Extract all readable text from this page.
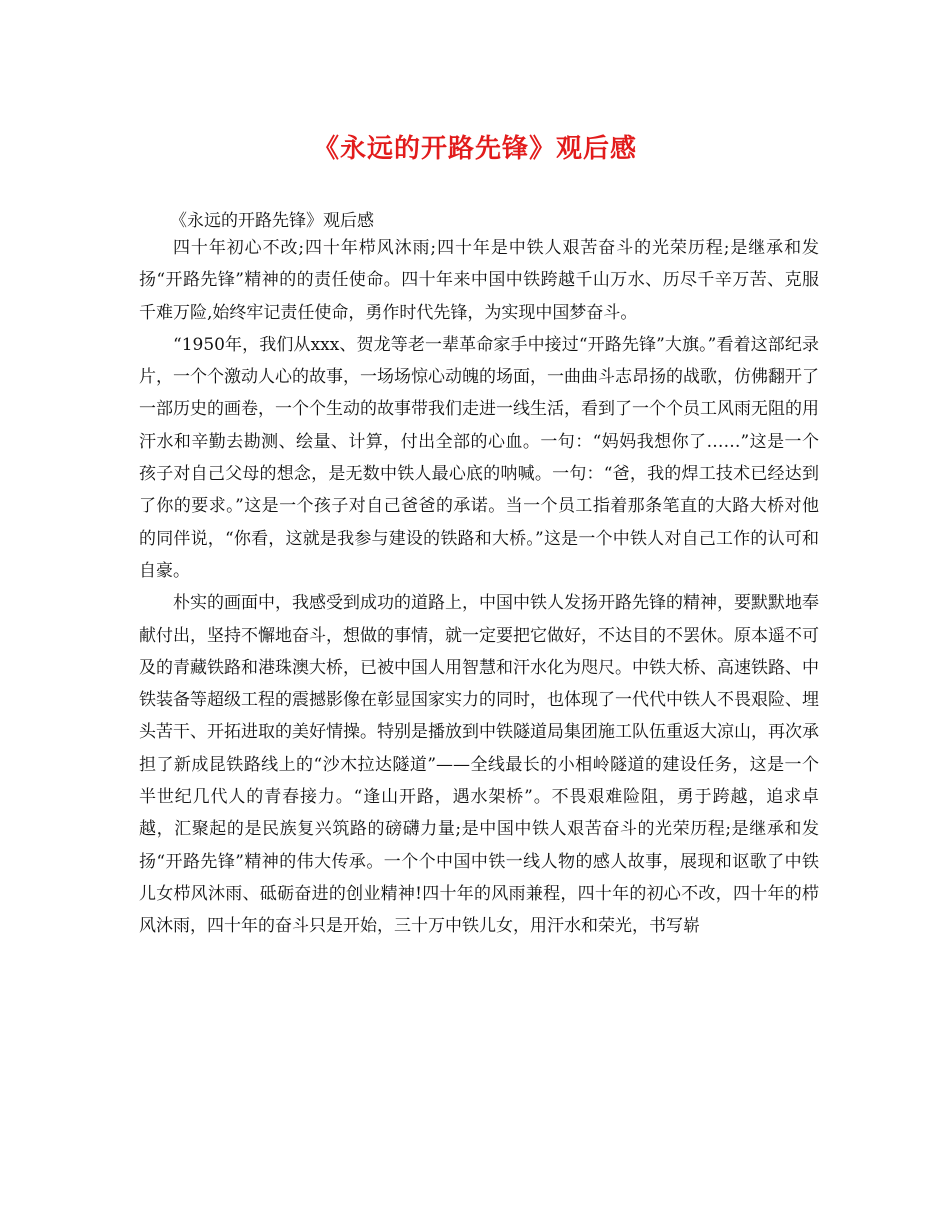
《永远的开路先锋》观后感

《永远的开路先锋》观后感

四十年初心不改;四十年栉风沐雨;四十年是中铁人艰苦奋斗的光荣历程;是继承和发扬“开路先锋”精神的的责任使命。四十年来中国中铁跨越千山万水、历尽千辛万苦、克服千难万险,始终牢记责任使命，勇作时代先锋，为实现中国梦奋斗。

“1950年，我们从xxx、贺龙等老一辈革命家手中接过“开路先锋”大旗。”看着这部纪录片，一个个激动人心的故事，一场场惊心动魄的场面，一曲曲斗志昂扬的战歌，仿佛翻开了一部历史的画卷，一个个生动的故事带我们走进一线生活，看到了一个个员工风雨无阻的用汗水和辛勤去勘测、绘量、计算，付出全部的心血。一句：“妈妈我想你了……”这是一个孩子对自己父母的想念，是无数中铁人最心底的呐喊。一句：“爸，我的焊工技术已经达到了你的要求。”这是一个孩子对自己爸爸的承诺。当一个员工指着那条笔直的大路大桥对他的同伴说，“你看，这就是我参与建设的铁路和大桥。”这是一个中铁人对自己工作的认可和自豪。

朴实的画面中，我感受到成功的道路上，中国中铁人发扬开路先锋的精神，要默默地奉献付出，坚持不懈地奋斗，想做的事情，就一定要把它做好，不达目的不罢休。原本遥不可及的青藏铁路和港珠澳大桥，已被中国人用智慧和汗水化为咫尺。中铁大桥、高速铁路、中铁装备等超级工程的震撼影像在彰显国家实力的同时，也体现了一代代中铁人不畏艰险、埋头苦干、开拓进取的美好情操。特别是播放到中铁隧道局集团施工队伍重返大凉山，再次承担了新成昆铁路线上的“沙木拉达隧道”——全线最长的小相岭隧道的建设任务，这是一个半世纪几代人的青春接力。“逢山开路，遇水架桥”。不畏艰难险阻，勇于跨越，追求卓越，汇聚起的是民族复兴筑路的磅礴力量;是中国中铁人艰苦奋斗的光荣历程;是继承和发扬“开路先锋”精神的伟大传承。一个个中国中铁一线人物的感人故事，展现和讴歌了中铁儿女栉风沐雨、砥砺奋进的创业精神!四十年的风雨兼程，四十年的初心不改，四十年的栉风沐雨，四十年的奋斗只是开始，三十万中铁儿女，用汗水和荣光，书写崭
